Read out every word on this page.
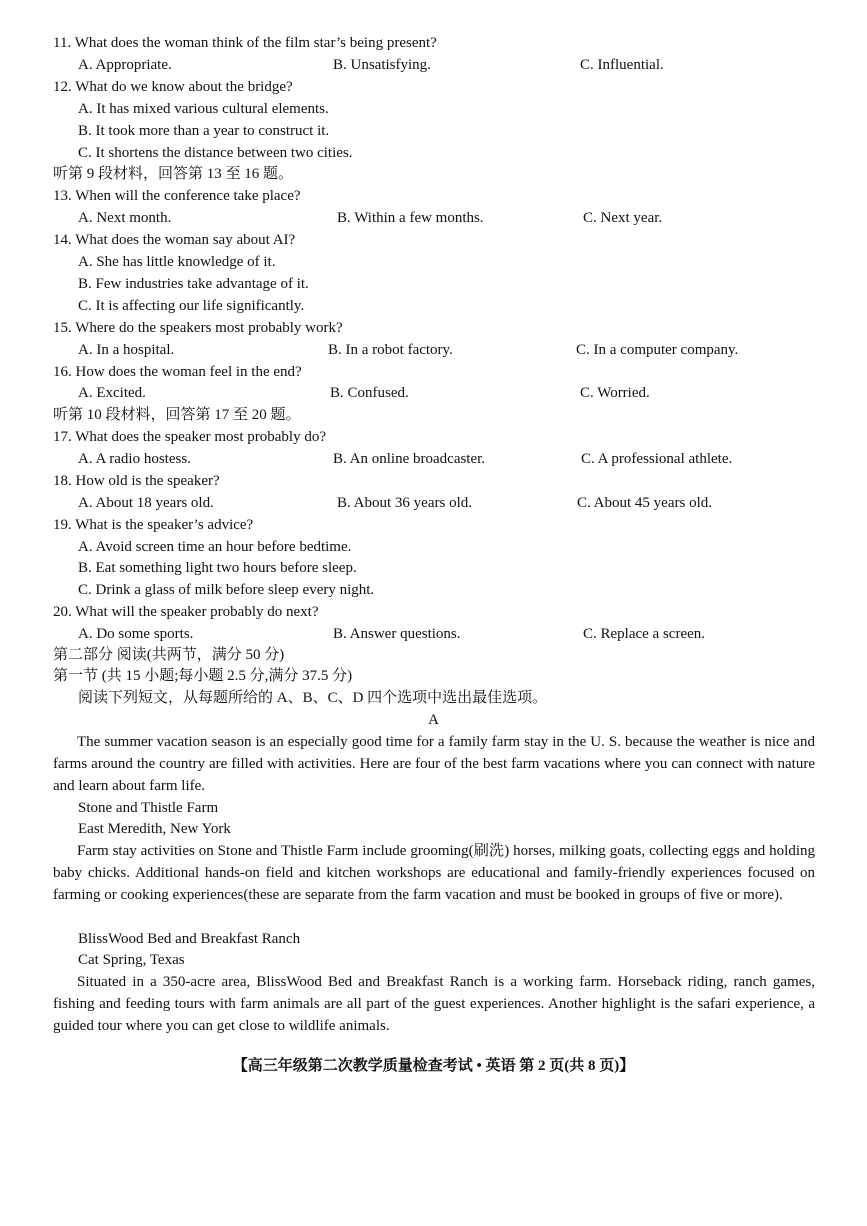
11. What does the woman think of the film star’s being present?
A. Appropriate.	B. Unsatisfying.	C. Influential.
12. What do we know about the bridge?
A. It has mixed various cultural elements.
B. It took more than a year to construct it.
C. It shortens the distance between two cities.
听第 9 段材料，回答第 13 至 16 题。
13. When will the conference take place?
A. Next month.	B. Within a few months.	C. Next year.
14. What does the woman say about AI?
A. She has little knowledge of it.
B. Few industries take advantage of it.
C. It is affecting our life significantly.
15. Where do the speakers most probably work?
A. In a hospital.	B. In a robot factory.	C. In a computer company.
16. How does the woman feel in the end?
A. Excited.	B. Confused.	C. Worried.
听第 10 段材料，回答第 17 至 20 题。
17. What does the speaker most probably do?
A. A radio hostess.	B. An online broadcaster.	C. A professional athlete.
18. How old is the speaker?
A. About 18 years old.	B. About 36 years old.	C. About 45 years old.
19. What is the speaker’s advice?
A. Avoid screen time an hour before bedtime.
B. Eat something light two hours before sleep.
C. Drink a glass of milk before sleep every night.
20. What will the speaker probably do next?
A. Do some sports.	B. Answer questions.	C. Replace a screen.
第二部分 阅读(共两节，满分 50 分)
第一节 (共 15 小题;每小题 2.5 分,满分 37.5 分)
阅读下列短文，从每题所给的 A、B、C、D 四个选项中选出最佳选项。
A
The summer vacation season is an especially good time for a family farm stay in the U. S. because the weather is nice and farms around the country are filled with activities. Here are four of the best farm vacations where you can connect with nature and learn about farm life.
Stone and Thistle Farm
East Meredith, New York
Farm stay activities on Stone and Thistle Farm include grooming(刷洗) horses, milking goats, collecting eggs and holding baby chicks. Additional hands-on field and kitchen workshops are educational and family-friendly experiences focused on farming or cooking experiences(these are separate from the farm vacation and must be booked in groups of five or more).
BlissWood Bed and Breakfast Ranch
Cat Spring, Texas
Situated in a 350-acre area, BlissWood Bed and Breakfast Ranch is a working farm. Horseback riding, ranch games, fishing and feeding tours with farm animals are all part of the guest experiences. Another highlight is the safari experience, a guided tour where you can get close to wildlife animals.
【高三年级第二次教学质量检查考试 • 英语 第 2 页(共 8 页)】
